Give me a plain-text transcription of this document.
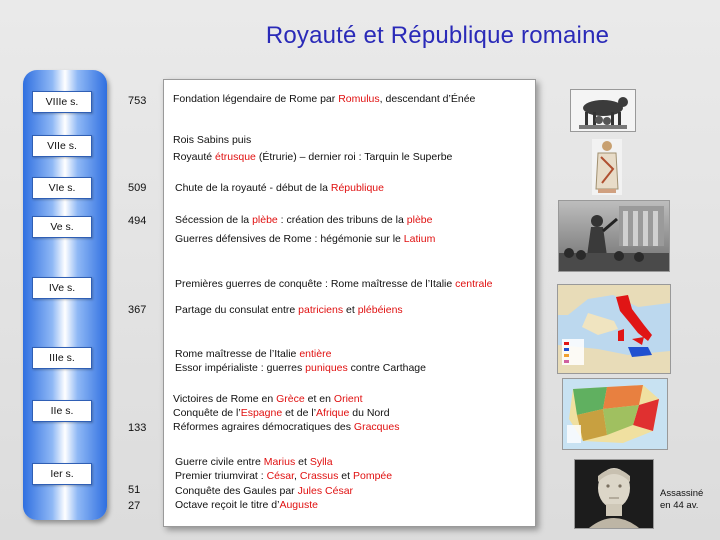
Royauté et République romaine
VIIIe s.
VIIe s.
VIe s.
Ve s.
IVe s.
IIIe s.
IIe s.
Ier s.
753
509
494
367
133
51
27
Fondation légendaire de Rome par Romulus, descendant d’Énée
Rois Sabins puis
Royauté étrusque (Étrurie) – dernier roi : Tarquin le Superbe
Chute de la royauté - début de la République
Sécession de la plèbe : création des tribuns de la plèbe
Guerres défensives de Rome : hégémonie sur le Latium
Premières guerres de conquête : Rome maîtresse de l’Italie centrale
Partage du consulat entre patriciens et plébéiens
Rome maîtresse de l’Italie entière
Essor impérialiste : guerres puniques contre Carthage
Victoires de Rome en Grèce et en Orient
Conquête de l’Espagne et de l’Afrique du Nord
Réformes agraires démocratiques des Gracques
Guerre civile entre Marius et Sylla
Premier triumvirat : César, Crassus et Pompée
Conquête des Gaules par Jules César
Octave reçoit le titre d’Auguste
Assassiné
en 44 av.
